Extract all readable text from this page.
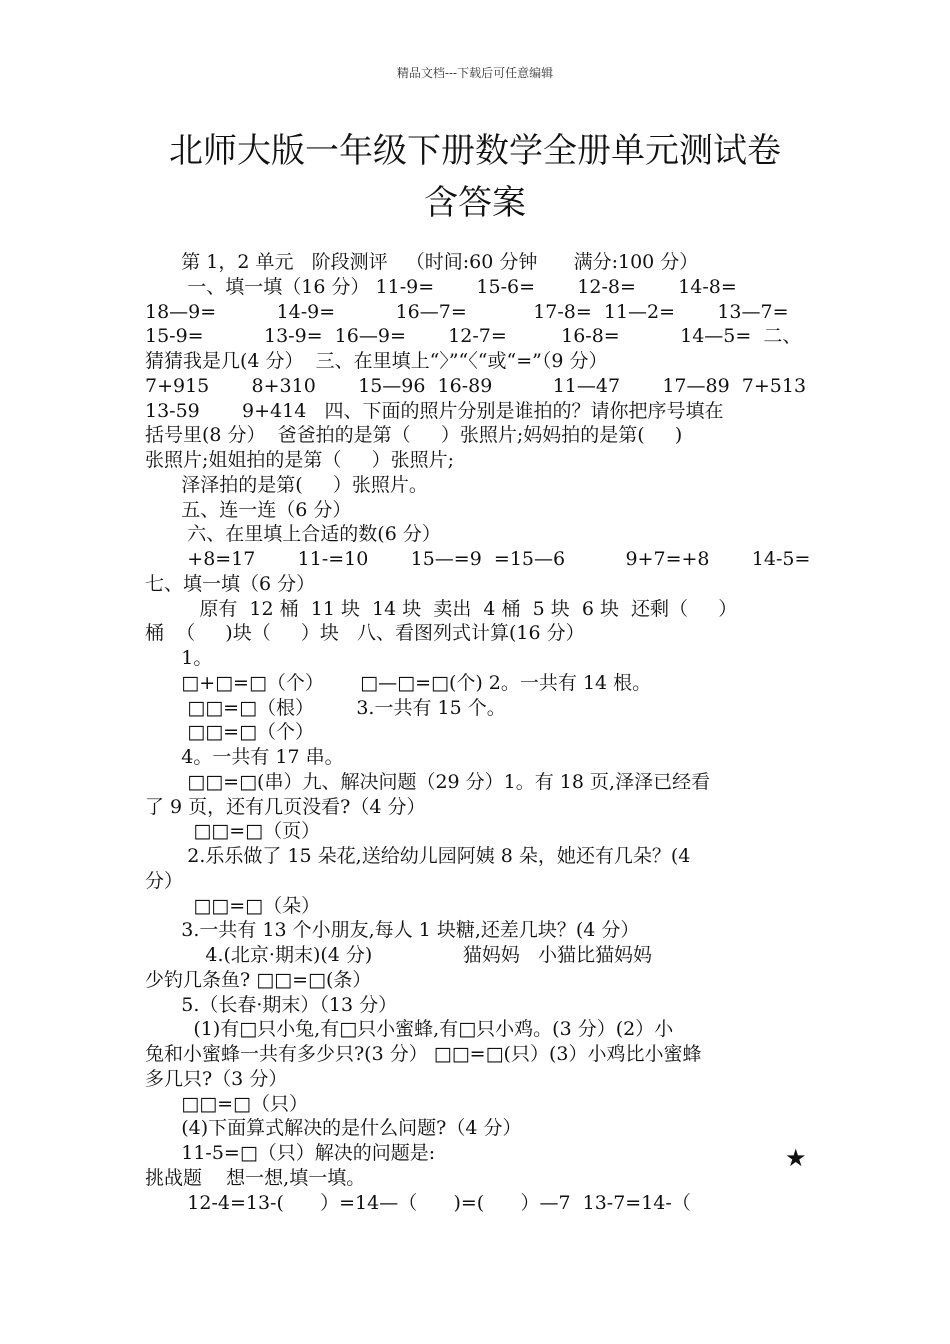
精品文档---下载后可任意编辑
北师大版一年级下册数学全册单元测试卷
含答案
第 1，2 单元   阶段测评   （时间:60 分钟      满分:100 分）
一、填一填（16 分） 11-9=       15-6=       12-8=       14-8=
18—9=          14-9=          16—7=           17-8=  11—2=       13—7=
15-9=          13-9=  16—9=       12-7=         16-8=          14—5=  二、
猜猜我是几(4 分）  三、在里填上“〉”“〈“或“=”（9 分）
7+915       8+310       15—96  16-89          11—47       17—89  7+513
13-59       9+414   四、下面的照片分别是谁拍的？请你把序号填在
括号里(8 分）  爸爸拍的是第（     ）张照片;妈妈拍的是第(     )
张照片;姐姐拍的是第（     ）张照片;
泽泽拍的是第(     ）张照片。
五、连一连（6 分）
六、在里填上合适的数(6 分）
+8=17       11-=10       15—=9  =15—6          9+7=+8       14-5=
七、填一填（6 分）
原有  12 桶  11 块  14 块  卖出  4 桶  5 块  6 块  还剩（     ）
桶  （     )块（     ）块   八、看图列式计算(16 分）
1。
□+□=□（个）      □—□=□(个) 2。一共有 14 根。
□□=□（根）       3.一共有 15 个。
□□=□（个）
4。一共有 17 串。
□□=□(串）九、解决问题（29 分）1。有 18 页,泽泽已经看
了 9 页，还有几页没看?（4 分）
□□=□（页）
2.乐乐做了 15 朵花,送给幼儿园阿姨 8 朵，她还有几朵？(4
分）
□□=□（朵）
3.一共有 13 个小朋友,每人 1 块糖,还差几块？(4 分）
4.(北京·期末)(4 分)               猫妈妈   小猫比猫妈妈
少钓几条鱼? □□=□(条）
5.（长春·期末）（13 分）
(1)有□只小兔,有□只小蜜蜂,有□只小鸡。(3 分）(2）小
兔和小蜜蜂一共有多少只?(3 分） □□=□(只）(3）小鸡比小蜜蜂
多几只?（3 分）
□□=□（只）
(4)下面算式解决的是什么问题?（4 分）
11-5=□（只）解决的问题是:
挑战题    想一想,填一填。
12-4=13-(      ）=14—（      )=(      ）—7  13-7=14-（
★
